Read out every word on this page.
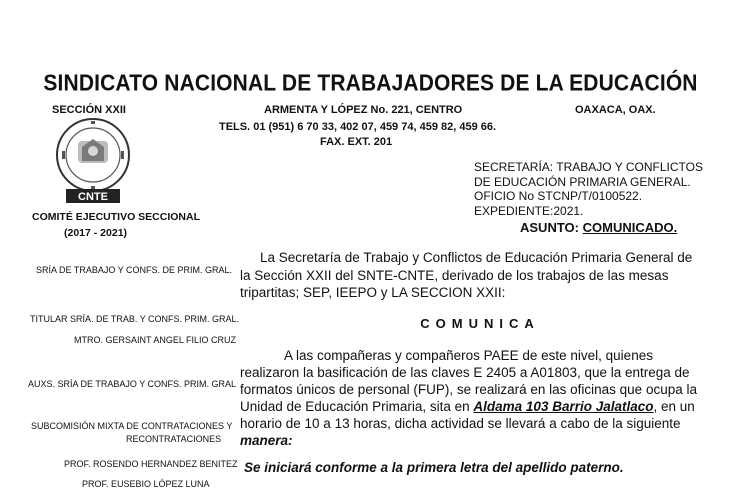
SINDICATO NACIONAL DE TRABAJADORES DE LA EDUCACIÓN
SECCIÓN XXII	ARMENTA Y LÓPEZ No. 221, CENTRO	OAXACA, OAX.
TELS. 01 (951) 6 70 33, 402 07, 459 74, 459 82, 459 66.
FAX. EXT. 201
CNTE
SECRETARÍA: TRABAJO Y CONFLICTOS
DE EDUCACIÓN PRIMARIA GENERAL.
OFICIO No STCNP/T/0100522.
EXPEDIENTE:2021.
ASUNTO: COMUNICADO.
COMITÉ EJECUTIVO SECCIONAL
(2017 - 2021)
SRÍA DE TRABAJO Y CONFS. DE PRIM. GRAL.
TITULAR SRÍA. DE TRAB. Y CONFS. PRIM. GRAL.
MTRO. GERSAINT ANGEL FILIO CRUZ
AUXS. SRÍA DE TRABAJO Y CONFS. PRIM. GRAL
SUBCOMISIÓN MIXTA DE CONTRATACIONES Y
RECONTRATACIONES
PROF. ROSENDO HERNANDEZ BENITEZ
PROF. EUSEBIO LÓPEZ LUNA
La Secretaría de Trabajo y Conflictos de Educación Primaria General de
la Sección XXII del SNTE-CNTE, derivado de los trabajos de las mesas
tripartitas; SEP, IEEPO y LA SECCION XXII:
COMUNICA
A las compañeras y compañeros PAEE de este nivel, quienes
realizaron la basificación de las claves E 2405 a A01803, que la entrega de
formatos únicos de personal (FUP), se realizará en las oficinas que ocupa la
Unidad de Educación Primaria, sita en Aldama 103 Barrio Jalatlaco, en un
horario de 10 a 13 horas, dicha actividad se llevará a cabo de la siguiente
manera:
Se iniciará conforme a la primera letra del apellido paterno.
